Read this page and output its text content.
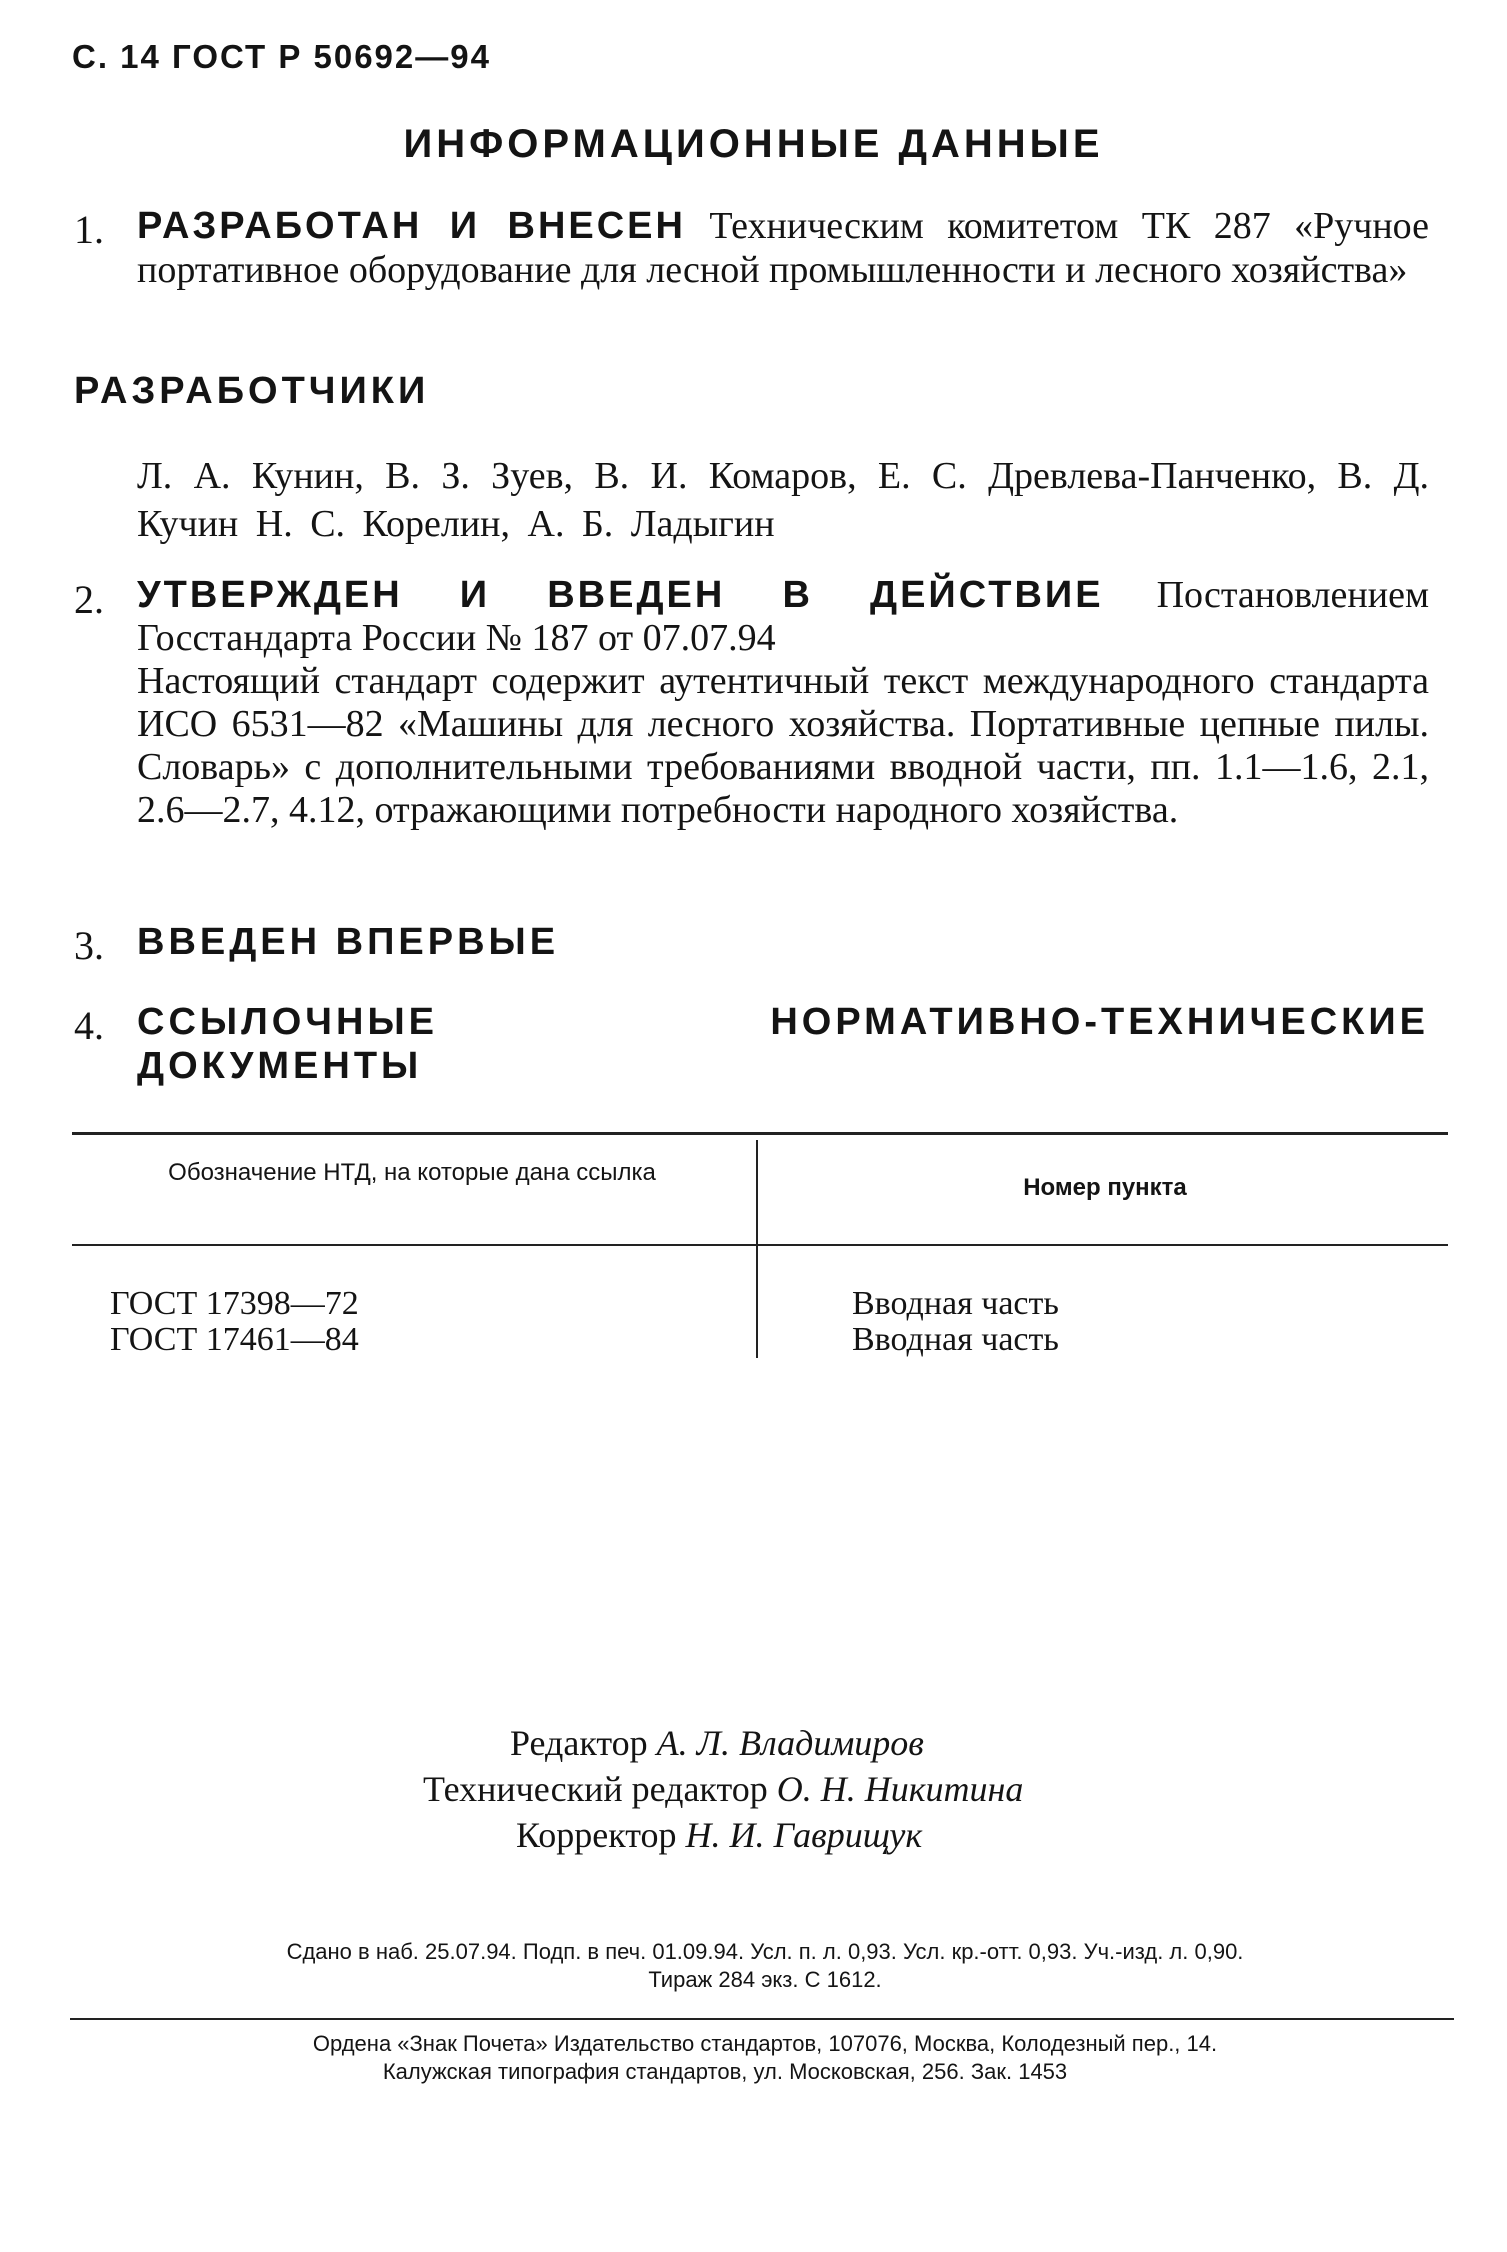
С. 14 ГОСТ Р 50692—94
ИНФОРМАЦИОННЫЕ ДАННЫЕ
1. РАЗРАБОТАН И ВНЕСЕН Техническим комитетом ТК 287 «Ручное портативное оборудование для лесной промышленности и лесного хозяйства»
РАЗРАБОТЧИКИ
Л. А. Кунин, В. З. Зуев, В. И. Комаров, Е. С. Древлева-Панченко, В. Д. Кучин Н. С. Корелин, А. Б. Ладыгин
2. УТВЕРЖДЕН И ВВЕДЕН В ДЕЙСТВИЕ Постановлением Госстандарта России № 187 от 07.07.94
Настоящий стандарт содержит аутентичный текст международного стандарта ИСО 6531—82 «Машины для лесного хозяйства. Портативные цепные пилы. Словарь» с дополнительными требованиями вводной части, пп. 1.1—1.6, 2.1, 2.6—2.7, 4.12, отражающими потребности народного хозяйства.
3. ВВЕДЕН ВПЕРВЫЕ
4. ССЫЛОЧНЫЕ НОРМАТИВНО-ТЕХНИЧЕСКИЕ ДОКУМЕНТЫ
Обозначение НТД, на которые дана ссылка
Номер пункта
ГОСТ 17398—72
ГОСТ 17461—84
Вводная часть
Вводная часть
Редактор А. Л. Владимиров
Технический редактор О. Н. Никитина
Корректор Н. И. Гаврищук
Сдано в наб. 25.07.94. Подп. в печ. 01.09.94. Усл. п. л. 0,93. Усл. кр.-отт. 0,93. Уч.-изд. л. 0,90.
Тираж 284 экз. С 1612.
Ордена «Знак Почета» Издательство стандартов, 107076, Москва, Колодезный пер., 14.
Калужская типография стандартов, ул. Московская, 256. Зак. 1453
